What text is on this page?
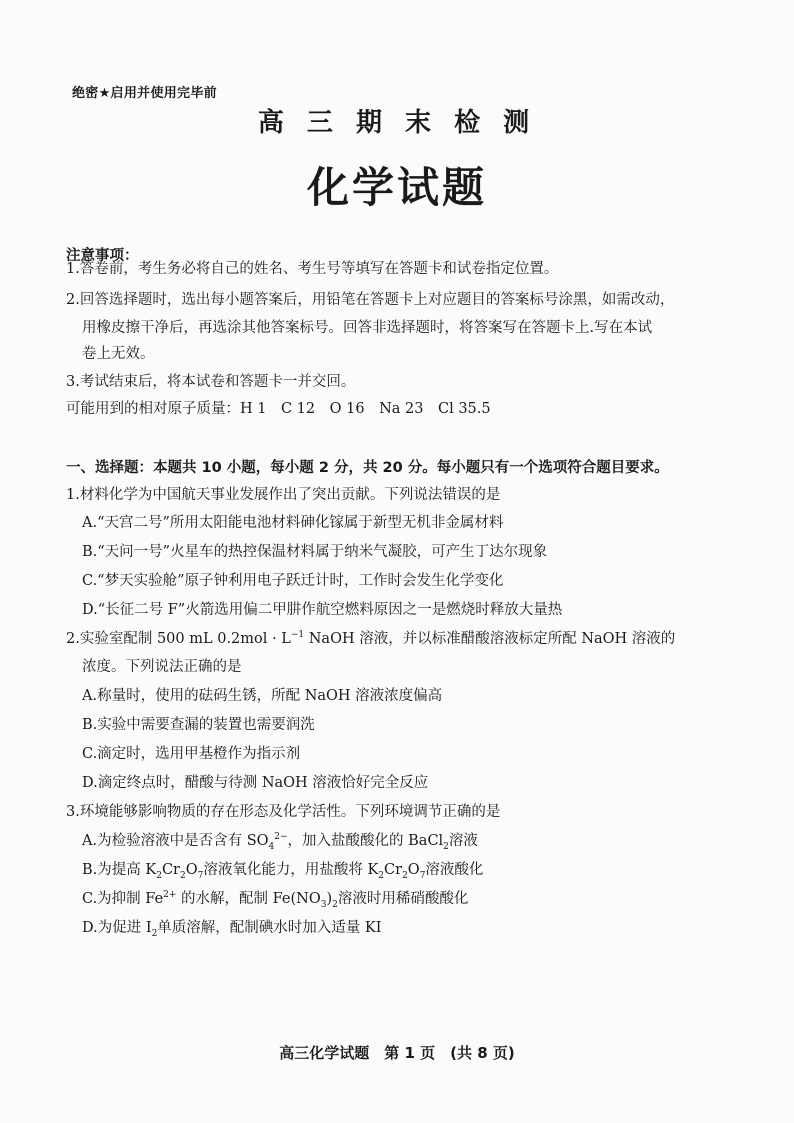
绝密★启用并使用完毕前
高 三 期 末 检 测
化学试题
注意事项：
1.答卷前，考生务必将自己的姓名、考生号等填写在答题卡和试卷指定位置。
2.回答选择题时，选出每小题答案后，用铅笔在答题卡上对应题目的答案标号涂黑，如需改动，
用橡皮擦干净后，再选涂其他答案标号。回答非选择题时，将答案写在答题卡上.写在本试
卷上无效。
3.考试结束后，将本试卷和答题卡一并交回。
可能用到的相对原子质量：H 1　C 12　O 16　Na 23　Cl 35.5
一、选择题：本题共 10 小题，每小题 2 分，共 20 分。每小题只有一个选项符合题目要求。
1.材料化学为中国航天事业发展作出了突出贡献。下列说法错误的是
A.“天宫二号”所用太阳能电池材料砷化镓属于新型无机非金属材料
B.“天问一号”火星车的热控保温材料属于纳米气凝胶，可产生丁达尔现象
C.“梦天实验舱”原子钟利用电子跃迁计时，工作时会发生化学变化
D.“长征二号 F”火箭选用偏二甲肼作航空燃料原因之一是燃烧时释放大量热
2.实验室配制 500 mL $0.2mol \cdot L^{-1}$ NaOH 溶液，并以标准醋酸溶液标定所配 NaOH 溶液的
浓度。下列说法正确的是
A.称量时，使用的砝码生锈，所配 NaOH 溶液浓度偏高
B.实验中需要查漏的装置也需要润洗
C.滴定时，选用甲基橙作为指示剂
D.滴定终点时，醋酸与待测 NaOH 溶液恰好完全反应
3.环境能够影响物质的存在形态及化学活性。下列环境调节正确的是
A.为检验溶液中是否含有 $SO_4^{2-}$，加入盐酸酸化的 BaCl$_2$溶液
B.为提高 $K_2Cr_2O_7$溶液氧化能力，用盐酸将 $K_2Cr_2O_7$溶液酸化
C.为抑制 $Fe^{2+}$ 的水解，配制 $Fe(NO_3)_2$溶液时用稀硝酸酸化
D.为促进 $I_2$单质溶解，配制碘水时加入适量 KI
高三化学试题　第 1 页　(共 8 页)
